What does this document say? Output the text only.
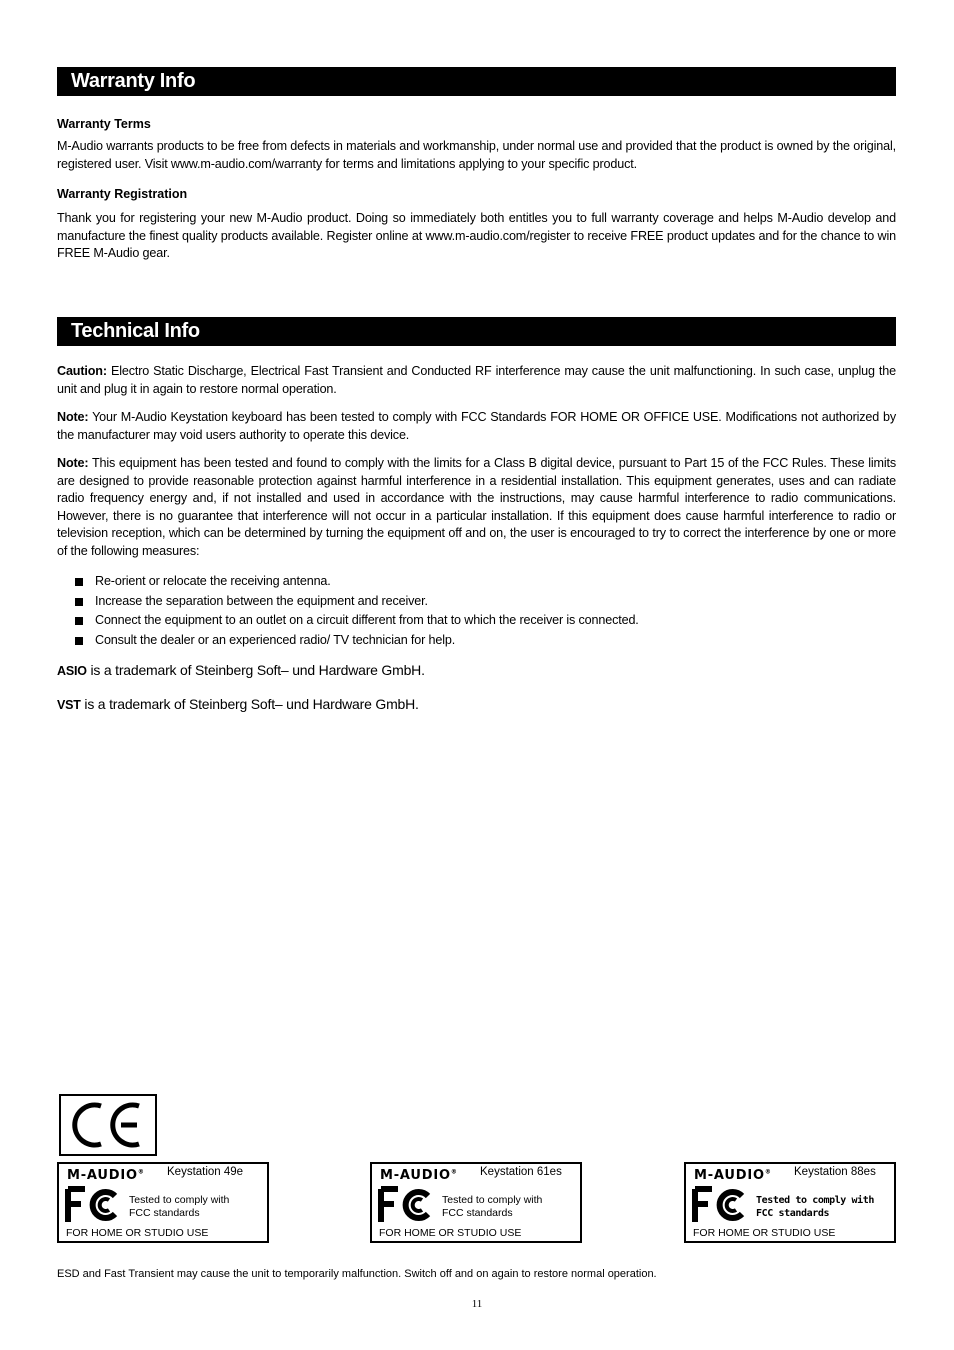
Warranty Info
Warranty Terms
M-Audio warrants products to be free from defects in materials and workmanship, under normal use and provided that the product is owned by the original, registered user. Visit www.m-audio.com/warranty for terms and limitations applying to your specific product.
Warranty Registration
Thank you for registering your new M-Audio product. Doing so immediately both entitles you to full warranty coverage and helps M-Audio develop and manufacture the finest quality products available. Register online at www.m-audio.com/register to receive FREE product updates and for the chance to win FREE M-Audio gear.
Technical Info
Caution: Electro Static Discharge, Electrical Fast Transient and Conducted RF interference may cause the unit malfunctioning. In such case, unplug the unit and plug it in again to restore normal operation.
Note: Your M-Audio Keystation keyboard has been tested to comply with FCC Standards FOR HOME OR OFFICE USE. Modifications not authorized by the manufacturer may void users authority to operate this device.
Note: This equipment has been tested and found to comply with the limits for a Class B digital device, pursuant to Part 15 of the FCC Rules. These limits are designed to provide reasonable protection against harmful interference in a residential installation. This equipment generates, uses and can radiate radio frequency energy and, if not installed and used in accordance with the instructions, may cause harmful interference to radio communications. However, there is no guarantee that interference will not occur in a particular installation. If this equipment does cause harmful interference to radio or television reception, which can be determined by turning the equipment off and on, the user is encouraged to try to correct the interference by one or more of the following measures:
Re-orient or relocate the receiving antenna.
Increase the separation between the equipment and receiver.
Connect the equipment to an outlet on a circuit different from that to which the receiver is connected.
Consult the dealer or an experienced radio/ TV technician for help.
ASIO is a trademark of Steinberg Soft– und Hardware GmbH.
VST is a trademark of Steinberg Soft– und Hardware GmbH.
M-AUDIO® Keystation 49e
Tested to comply with
FCC standards
FOR HOME OR STUDIO USE
M-AUDIO® Keystation 61es
Tested to comply with
FCC standards
FOR HOME OR STUDIO USE
M-AUDIO® Keystation 88es
Tested to comply with
FCC standards
FOR HOME OR STUDIO USE
ESD and Fast Transient may cause the unit to temporarily malfunction. Switch off and on again to restore normal operation.
11
